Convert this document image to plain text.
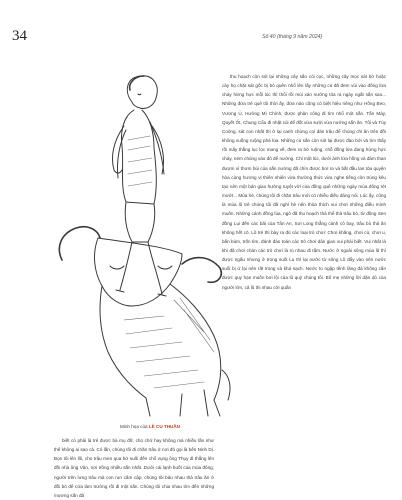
34	Số 40 (tháng 9 năm 2024)
Minh họa của LÊ CU THUẦN

thu hoạch còn sót lại những cây sắn còi cọc, những cây mọc sát bờ hoặc cây họ chặt sát gốc bị bỏ quên nhổ lên lấy những củ đã đem vùi vào đống lửa cháy hừng hực mỗi lúc thì thổi rồi múi xán nướng tỏa ra ngày ngất sắn sao... Những đứa trẻ quê tôi thời ấy, đứa nào cũng có biệt hiệu riêng như Hồng Beo, Vương Ủ, Hường Mì Chính, được phân công đi tìm nhổ mót sắn. Tấn Mày, Quyết Ốt, Chung Cẩu đi nhặt củi để đốt vừa sưởi vừa nướng sắn ăn. Tôi và Tùy Coòng, sát con nhất thì ở lại canh chừng coi đàn trâu để chúng chỉ ăn trên đồi không xuống ruộng phá lúa. Những củ sắn còn sót lại được đào bới và tìm thấy rồi mấy thằng lục lọc mang về, đem ra bờ ruộng, chỗ đống lửa đang hừng hực cháy, ném chúng vào đó để nướng. Chỉ một lúc, dưới ánh lửa hồng và đám than đượm vì thơm bùi của sắn nướng đã chín được bơi ra và bắt đầu lan tỏa quyện hòa cùng hương vị thiên nhiên vừa thường thức vừa nghe tiếng còn trùng kêu tạo nên một bản giao hưởng tuyệt vời của đồng quê những ngày mùa đông rét mướt... Mùa hè, chúng tôi đi chăn trâu mới có nhiều điều đáng nói. Lúc ấy, cũng là mùa lũ trẻ chúng tôi đã nghỉ hè nên thỏa thích vui chơi những điều mình muốn. Những cánh đồng lúa, ngô đã thu hoạch thả thể thả trâu bò, từ đồng Sen đồng Lụi đến các bãi của Tân An, Sơi Long thẳng cánh cò bay, trâu bò thả ăn không hết cỏ. Lũ trẻ thì bày ra đủ các loại trò chơi: Chơi khăng, chơi cù, chơi u, bắn bùm, trốn tìm, đánh đáo toán các trò chơi dân gian vui phải biết. Vui nhất là khi đã chơi chán các trò chơi là rủ nhau đi tắm. Nước ở ngoài sông mùa lũ thì được ngấu nhưng ở trong suối Lu thì lại nước từ sông Lô đẩy vào nên nước suối bị ứ lại nên rất trong và khá sạch. Nước to ngập tênh lăng đá không cần được quy hạn muốn bơi lội của lũ quỷ chúng tôi. Bố mẹ những lời dặn dò của người lớn, cả lũ thi nhau cởi quần

biết có phải là trẻ được bà mụ đỡ, cho chớ hay không mà nhiều lần như thế không ai sao cả. Có lần, chúng tôi đi chăn trâu ở nơi đó gọi là bến Ninh Dị. Bọn tôi lên lối, cho trâu men qua bờ suối đến chổ vụng ông Thụy đi thẳng lên đồi nhà ông Vân, nơi trồng nhiều sắn nhất. Dưới cái lạnh buốt của mùa đông, người trên lưng trâu mà con run cầm cập, chúng tôi bảo nhau thả trâu ăn ở đồi bỏ để cửa làm trường rồi đi một sắn. Chúng tôi chia nhau tìm đến những mương sắn đã
